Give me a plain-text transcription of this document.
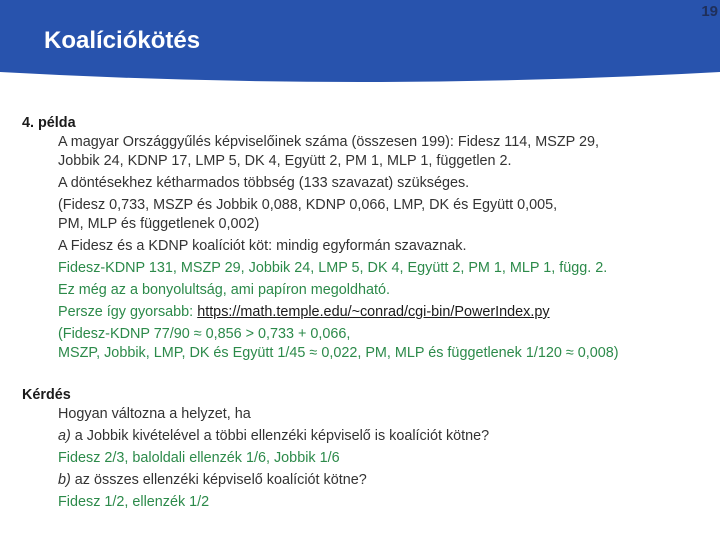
Koalíciókötés
19

4. példa

A magyar Országgyűlés képviselőinek száma (összesen 199): Fidesz 114, MSZP 29,

Jobbik 24, KDNP 17, LMP 5, DK 4, Együtt 2, PM 1, MLP 1, független 2.

A döntésekhez kétharmados többség (133 szavazat) szükséges.

(Fidesz 0,733, MSZP és Jobbik 0,088, KDNP 0,066, LMP, DK és Együtt 0,005,

PM, MLP és függetlenek 0,002)

A Fidesz és a KDNP koalíciót köt: mindig egyformán szavaznak.

Fidesz-KDNP 131, MSZP 29, Jobbik 24, LMP 5, DK 4, Együtt 2, PM 1, MLP 1, függ. 2.

Ez még az a bonyolultság, ami papíron megoldható.

Persze így gyorsabb: https://math.temple.edu/~conrad/cgi-bin/PowerIndex.py

(Fidesz-KDNP 77/90 ≈ 0,856 > 0,733 + 0,066,

MSZP, Jobbik, LMP, DK és Együtt 1/45 ≈ 0,022, PM, MLP és függetlenek 1/120 ≈ 0,008)

Kérdés

Hogyan változna a helyzet, ha

a) a Jobbik kivételével a többi ellenzéki képviselő is koalíciót kötne?

Fidesz 2/3, baloldali ellenzék 1/6, Jobbik 1/6

b) az összes ellenzéki képviselő koalíciót kötne?

Fidesz 1/2, ellenzék 1/2
